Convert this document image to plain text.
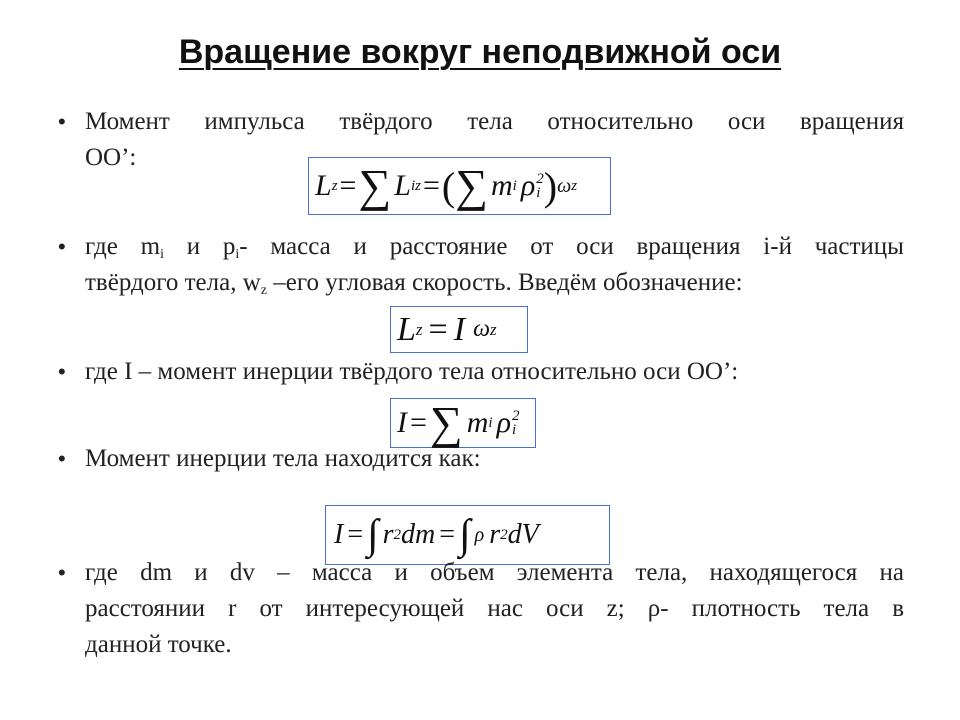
Вращение вокруг неподвижной оси
• Момент импульса твёрдого тела относительно оси вращения
ОО’:
L z = ∑ L iz = ( ∑ m i ρ 2
i ) ω z
• где $m_i$ и $p_i-$ масса и расстояние от оси вращения i-й частицы
твёрдого тела, $w_z$ –его угловая скорость. Введём обозначение:
L z = I ω z
• где I – момент инерции твёрдого тела относительно оси ОО’:
I = ∑ m i ρ 2
i
• Момент инерции тела находится как:
I = ∫ r 2 dm = ∫ ρ r 2 dV
• где dm и dv – масса и объем элемента тела, находящегося на
расстоянии r от интересующей нас оси z; ρ- плотность тела в
данной точке.
